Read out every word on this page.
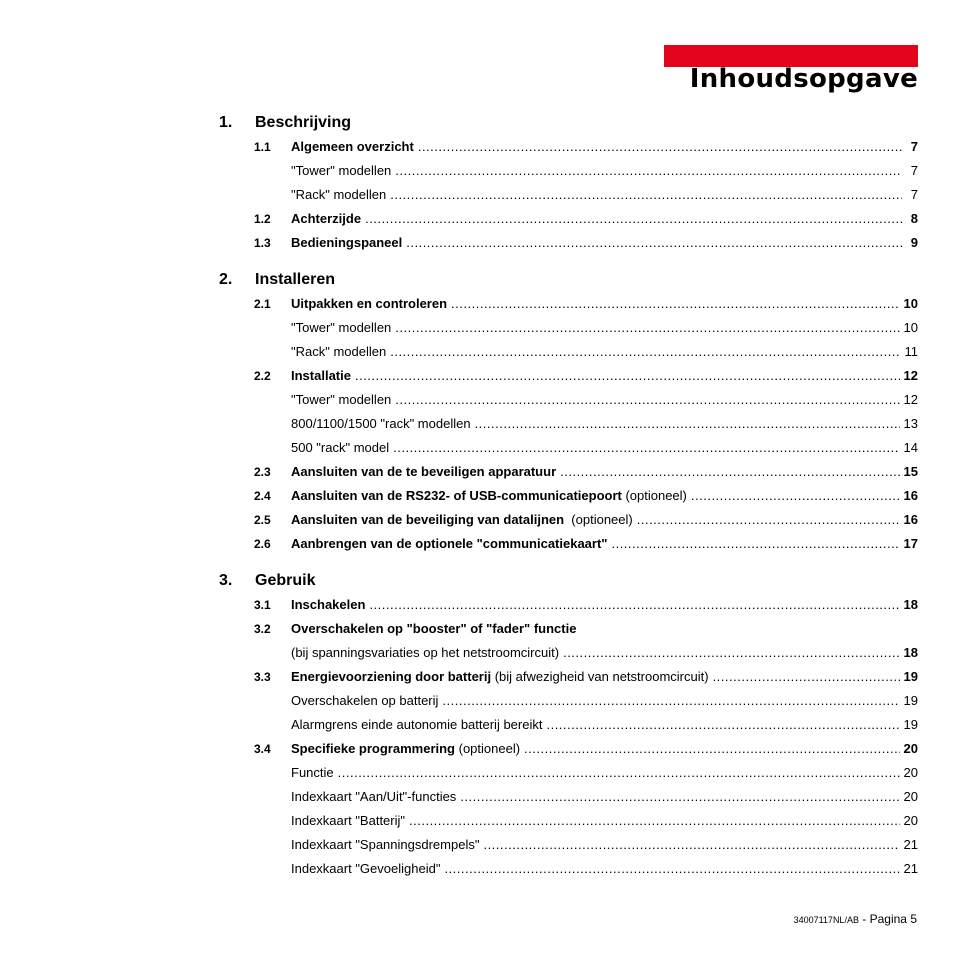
Inhoudsopgave
1. Beschrijving
1.1	Algemeen overzicht .....	7
"Tower" modellen .....	7
"Rack" modellen .....	7
1.2	Achterzijde .....	8
1.3	Bedieningspaneel .....	9
2. Installeren
2.1	Uitpakken en controleren .....	10
"Tower" modellen .....	10
"Rack" modellen .....	11
2.2	Installatie .....	12
"Tower" modellen .....	12
800/1100/1500 "rack" modellen .....	13
500 "rack" model .....	14
2.3	Aansluiten van de te beveiligen apparatuur .....	15
2.4	Aansluiten van de RS232- of USB-communicatiepoort (optioneel) .....	16
2.5	Aansluiten van de beveiliging van datalijnen  (optioneel) .....	16
2.6	Aanbrengen van de optionele "communicatiekaart" .....	17
3. Gebruik
3.1	Inschakelen .....	18
3.2	Overschakelen op "booster" of "fader" functie
(bij spanningsvariaties op het netstroomcircuit) .....	18
3.3	Energievoorziening door batterij (bij afwezigheid van netstroomcircuit) .....	19
Overschakelen op batterij .....	19
Alarmgrens einde autonomie batterij bereikt .....	19
3.4	Specifieke programmering (optioneel) .....	20
Functie .....	20
Indexkaart "Aan/Uit"-functies .....	20
Indexkaart "Batterij" .....	20
Indexkaart "Spanningsdrempels" .....	21
Indexkaart "Gevoeligheid" .....	21
34007117NL/AB - Pagina 5
